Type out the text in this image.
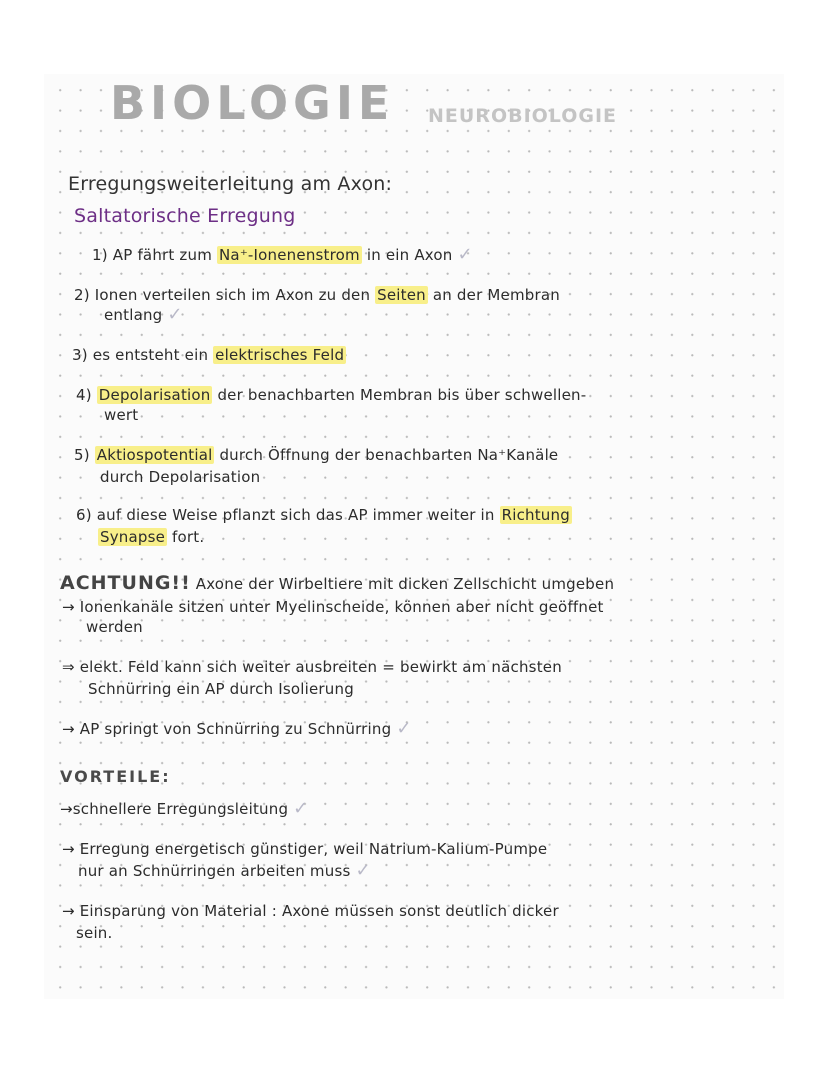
BIOLOGIE NEUROBIOLOGIE
Erregungsweiterleitung am Axon:
Saltatorische Erregung
1) AP fährt zum Na⁺-Ionenenstrom in ein Axon ✓
2) Ionen verteilen sich im Axon zu den Seiten an der Membran
entlang ✓
3) es entsteht ein elektrisches Feld
4) Depolarisation der benachbarten Membran bis über schwellen-
wert
5) Aktiospotential durch Öffnung der benachbarten Na⁺Kanäle
durch Depolarisation
6) auf diese Weise pflanzt sich das AP immer weiter in Richtung
Synapse fort.
ACHTUNG!! Axone der Wirbeltiere mit dicken Zellschicht umgeben
→ Ionenkanäle sitzen unter Myelinscheide, können aber nicht geöffnet
werden
⇒ elekt. Feld kann sich weiter ausbreiten = bewirkt am nächsten
Schnürring ein AP durch Isolierung
→ AP springt von Schnürring zu Schnürring ✓
VORTEILE:
→schnellere Erregungsleitung ✓
→ Erregung energetisch günstiger, weil Natrium-Kalium-Pumpe
nur an Schnürringen arbeiten muss ✓
→ Einsparung von Material : Axone müssen sonst deutlich dicker
sein.
